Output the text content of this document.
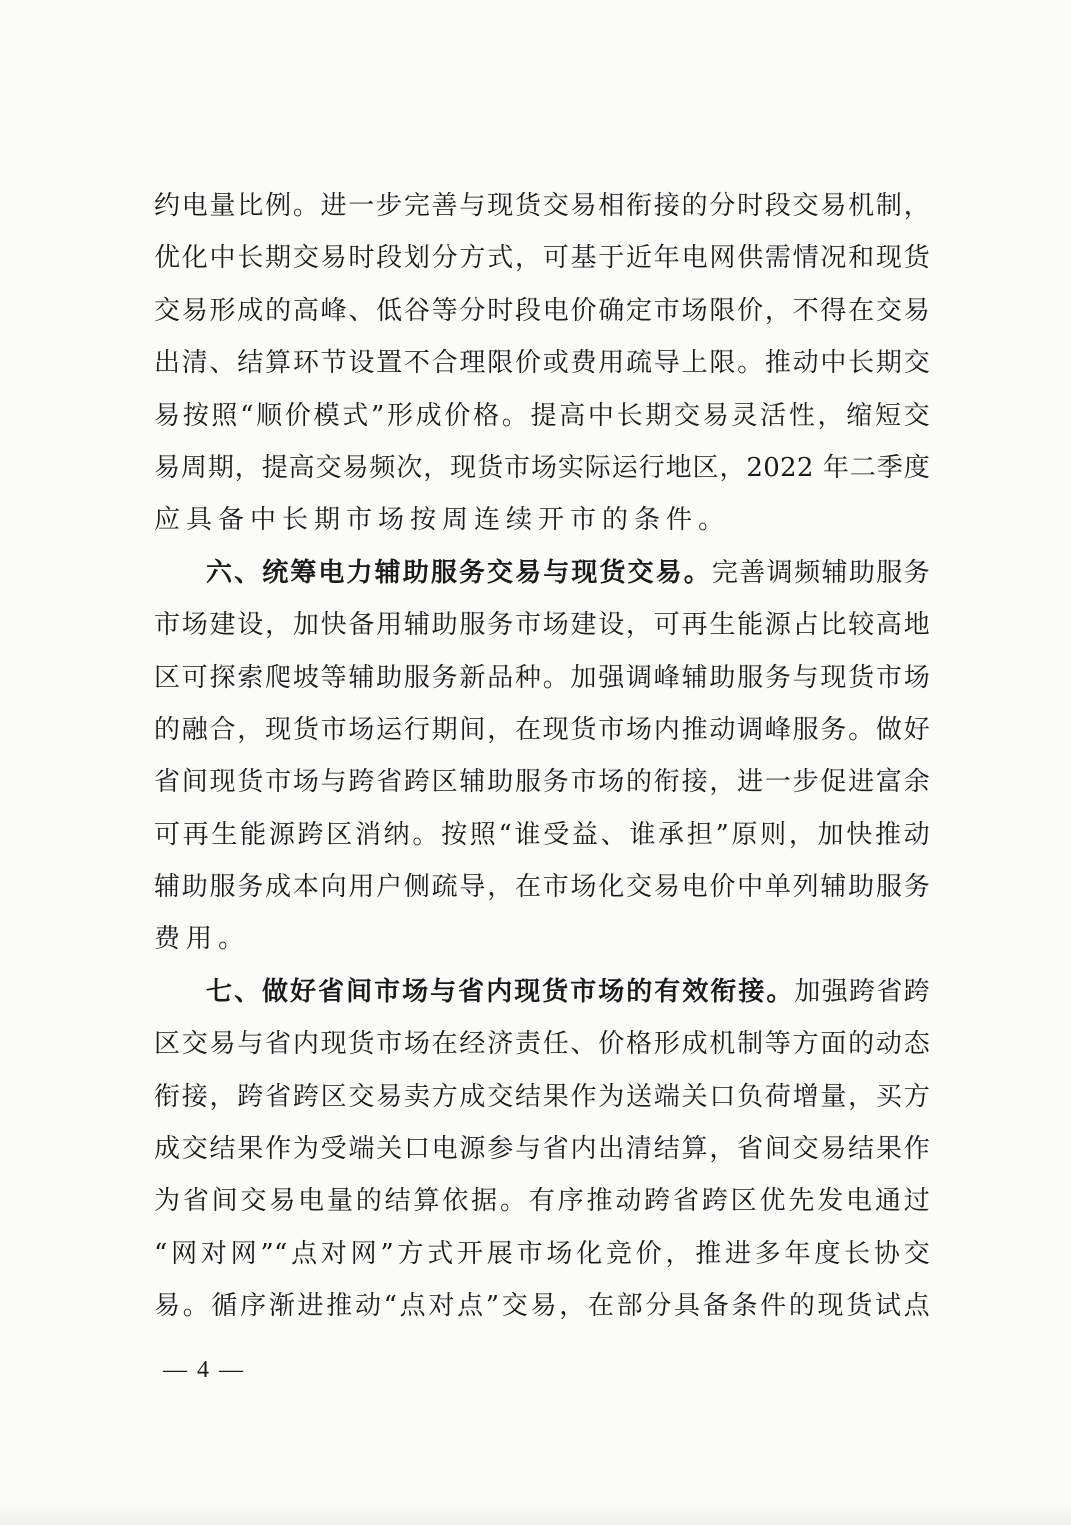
约电量比例。进一步完善与现货交易相衔接的分时段交易机制，
优化中长期交易时段划分方式，可基于近年电网供需情况和现货
交易形成的高峰、低谷等分时段电价确定市场限价，不得在交易
出清、结算环节设置不合理限价或费用疏导上限。推动中长期交
易按照“顺价模式”形成价格。提高中长期交易灵活性，缩短交
易周期，提高交易频次，现货市场实际运行地区，2022 年二季度
应具备中长期市场按周连续开市的条件。
六、统筹电力辅助服务交易与现货交易。完善调频辅助服务
市场建设，加快备用辅助服务市场建设，可再生能源占比较高地
区可探索爬坡等辅助服务新品种。加强调峰辅助服务与现货市场
的融合，现货市场运行期间，在现货市场内推动调峰服务。做好
省间现货市场与跨省跨区辅助服务市场的衔接，进一步促进富余
可再生能源跨区消纳。按照“谁受益、谁承担”原则，加快推动
辅助服务成本向用户侧疏导，在市场化交易电价中单列辅助服务
费用。
七、做好省间市场与省内现货市场的有效衔接。加强跨省跨
区交易与省内现货市场在经济责任、价格形成机制等方面的动态
衔接，跨省跨区交易卖方成交结果作为送端关口负荷增量，买方
成交结果作为受端关口电源参与省内出清结算，省间交易结果作
为省间交易电量的结算依据。有序推动跨省跨区优先发电通过
“网对网”“点对网”方式开展市场化竞价，推进多年度长协交
易。循序渐进推动“点对点”交易，在部分具备条件的现货试点
— 4 —
